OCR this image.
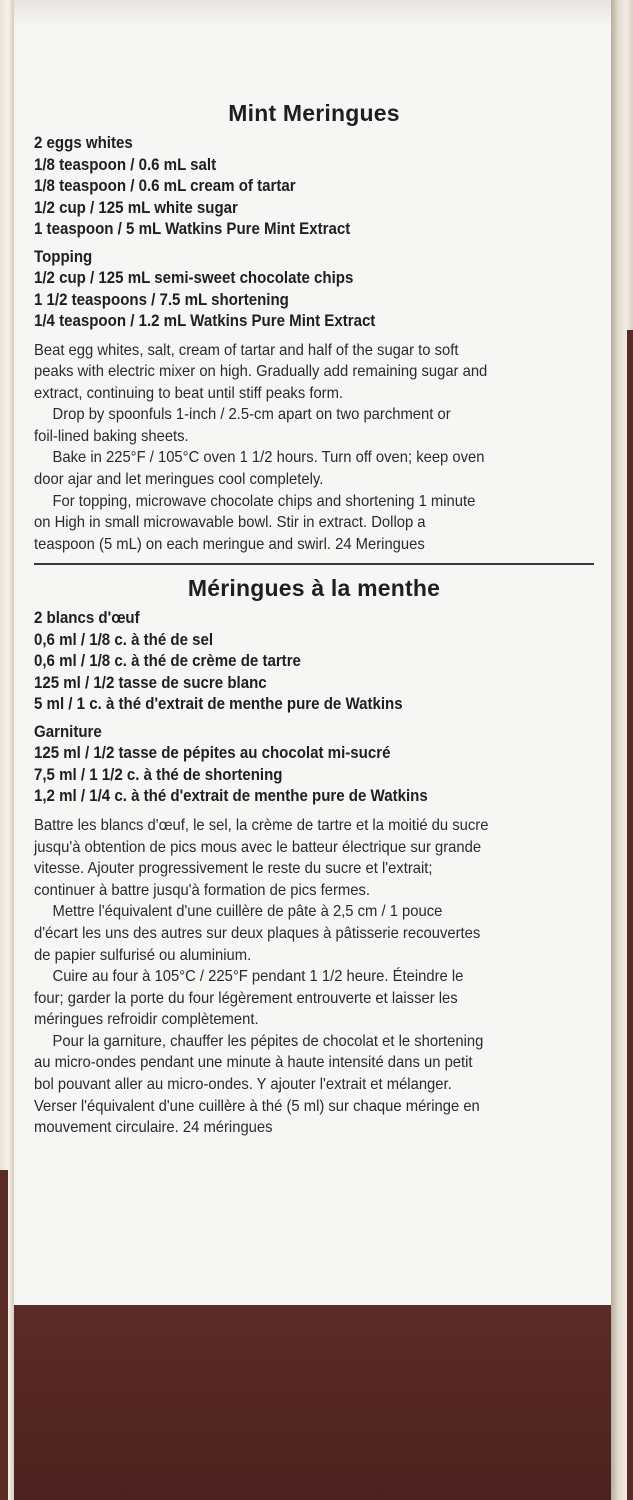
Mint Meringues
2 eggs whites
1/8 teaspoon / 0.6 mL salt
1/8 teaspoon / 0.6 mL cream of tartar
1/2 cup / 125 mL white sugar
1 teaspoon / 5 mL Watkins Pure Mint Extract
Topping
1/2 cup / 125 mL semi-sweet chocolate chips
1 1/2 teaspoons / 7.5 mL shortening
1/4 teaspoon / 1.2 mL Watkins Pure Mint Extract
Beat egg whites, salt, cream of tartar and half of the sugar to soft
peaks with electric mixer on high. Gradually add remaining sugar and
extract, continuing to beat until stiff peaks form.
Drop by spoonfuls 1-inch / 2.5-cm apart on two parchment or
foil-lined baking sheets.
Bake in 225°F / 105°C oven 1 1/2 hours. Turn off oven; keep oven
door ajar and let meringues cool completely.
For topping, microwave chocolate chips and shortening 1 minute
on High in small microwavable bowl. Stir in extract. Dollop a
teaspoon (5 mL) on each meringue and swirl. 24 Meringues
Méringues à la menthe
2 blancs d'œuf
0,6 ml / 1/8 c. à thé de sel
0,6 ml / 1/8 c. à thé de crème de tartre
125 ml / 1/2 tasse de sucre blanc
5 ml / 1 c. à thé d'extrait de menthe pure de Watkins
Garniture
125 ml / 1/2 tasse de pépites au chocolat mi-sucré
7,5 ml / 1 1/2 c. à thé de shortening
1,2 ml / 1/4 c. à thé d'extrait de menthe pure de Watkins
Battre les blancs d'œuf, le sel, la crème de tartre et la moitié du sucre
jusqu'à obtention de pics mous avec le batteur électrique sur grande
vitesse. Ajouter progressivement le reste du sucre et l'extrait;
continuer à battre jusqu'à formation de pics fermes.
Mettre l'équivalent d'une cuillère de pâte à 2,5 cm / 1 pouce
d'écart les uns des autres sur deux plaques à pâtisserie recouvertes
de papier sulfurisé ou aluminium.
Cuire au four à 105°C / 225°F pendant 1 1/2 heure. Éteindre le
four; garder la porte du four légèrement entrouverte et laisser les
méringues refroidir complètement.
Pour la garniture, chauffer les pépites de chocolat et le shortening
au micro-ondes pendant une minute à haute intensité dans un petit
bol pouvant aller au micro-ondes. Y ajouter l'extrait et mélanger.
Verser l'équivalent d'une cuillère à thé (5 ml) sur chaque méringe en
mouvement circulaire. 24 méringues
